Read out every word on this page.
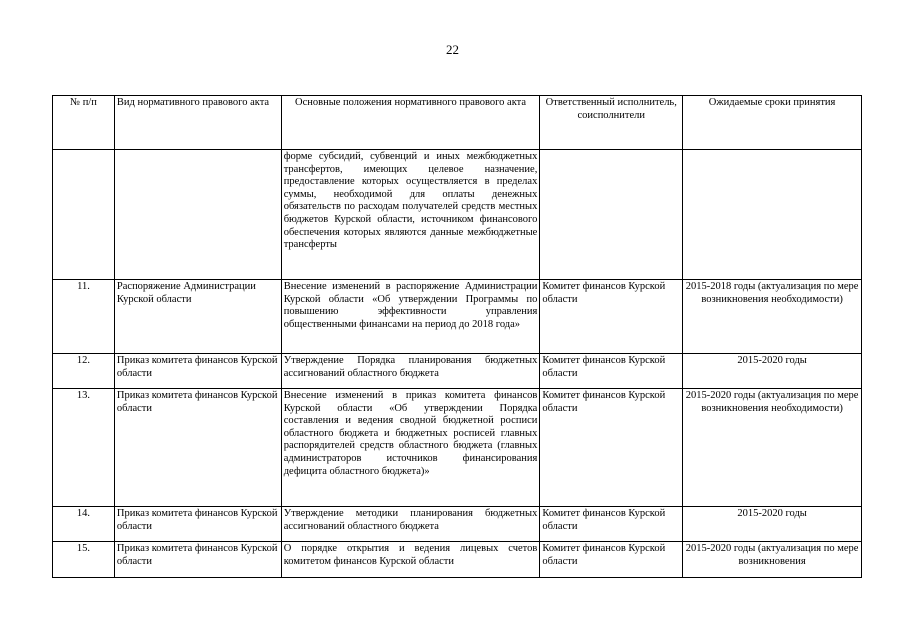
22
№ п/п	Вид нормативного правового акта	Основные положения нормативного правового акта	Ответственный исполнитель, соисполнители	Ожидаемые сроки принятия
		форме субсидий, субвенций и иных межбюджетных трансфертов, имеющих целевое назначение, предоставление которых осуществляется в пределах суммы, необходимой для оплаты денежных обязательств по расходам получателей средств местных бюджетов Курской области, источником финансового обеспечения которых являются данные межбюджетные трансферты		
11.	Распоряжение Администрации Курской области	Внесение изменений в распоряжение Администрации Курской области «Об утверждении Программы по повышению эффективности управления общественными финансами на период до 2018 года»	Комитет финансов Курской области	2015-2018 годы (актуализация по мере возникновения необходимости)
12.	Приказ комитета финансов Курской области	Утверждение Порядка планирования бюджетных ассигнований областного бюджета	Комитет финансов Курской области	2015-2020 годы
13.	Приказ комитета финансов Курской области	Внесение изменений в приказ комитета финансов Курской области «Об утверждении Порядка составления и ведения сводной бюджетной росписи областного бюджета и бюджетных росписей главных распорядителей средств областного бюджета (главных администраторов источников финансирования дефицита областного бюджета)»	Комитет финансов Курской области	2015-2020 годы (актуализация по мере возникновения необходимости)
14.	Приказ комитета финансов Курской области	Утверждение методики планирования бюджетных ассигнований областного бюджета	Комитет финансов Курской области	2015-2020 годы
15.	Приказ комитета финансов Курской области	О порядке открытия и ведения лицевых счетов комитетом финансов Курской области	Комитет финансов Курской области	2015-2020 годы (актуализация по мере возникновения
